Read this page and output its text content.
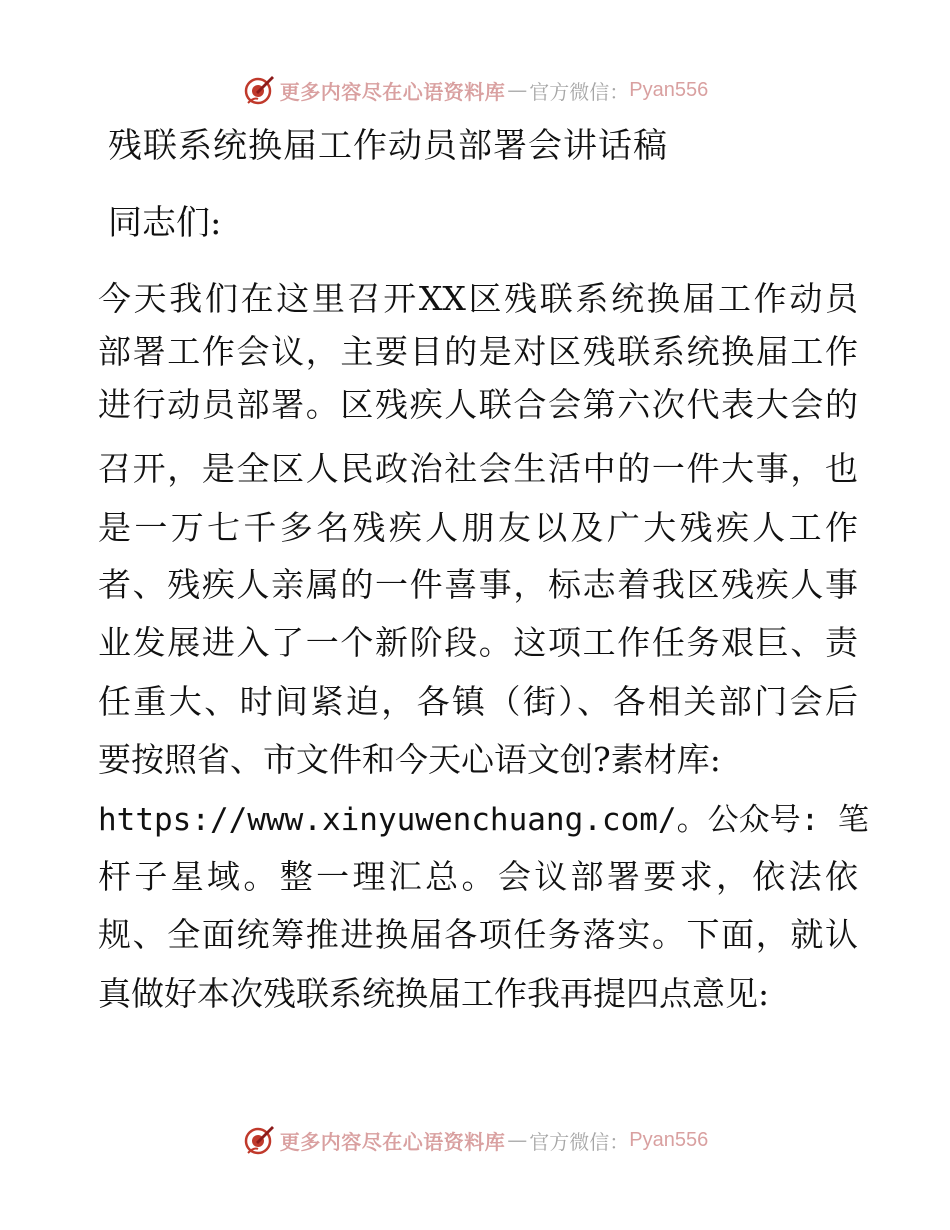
更多内容尽在心语资料库 — 官方微信： Pyan556
残联系统换届工作动员部署会讲话稿
同志们:
今天我们在这里召开XX区残联系统换届工作动员
部署工作会议，主要目的是对区残联系统换届工作
进行动员部署。区残疾人联合会第六次代表大会的
召开，是全区人民政治社会生活中的一件大事，也
是一万七千多名残疾人朋友以及广大残疾人工作
者、残疾人亲属的一件喜事，标志着我区残疾人事
业发展进入了一个新阶段。这项工作任务艰巨、责
任重大、时间紧迫，各镇（街）、各相关部门会后
要按照省、市文件和今天心语文创?素材库:
https://www.xinyuwenchuang.com/。公众号: 笔
杆子星域。整一理汇总。会议部署要求，依法依
规、全面统筹推进换届各项任务落实。下面，就认
真做好本次残联系统换届工作我再提四点意见:
更多内容尽在心语资料库 — 官方微信： Pyan556
